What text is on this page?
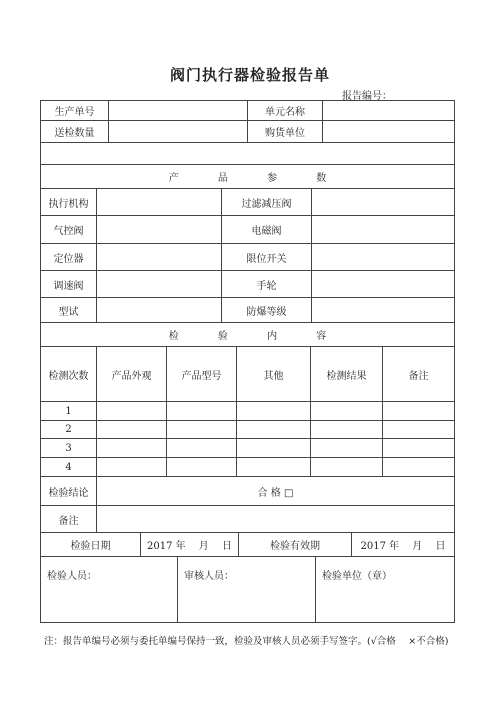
阀门执行器检验报告单
报告编号：
生产单号	单元名称
送检数量	购货单位
产 品 参 数
执行机构	过滤减压阀
气控阀	电磁阀
定位器	限位开关
调速阀	手轮
型试	防爆等级
检 验 内 容
检测次数	产品外观	产品型号	其他	检测结果	备注
1
2
3
4
检验结论	合 格 □
备注
检验日期	2017 年　 月　 日	检验有效期	2017 年　 月　 日
检验人员：	审核人员：	检验单位（章）
注：报告单编号必须与委托单编号保持一致，检验及审核人员必须手写签字。(√合格　 ×不合格)
